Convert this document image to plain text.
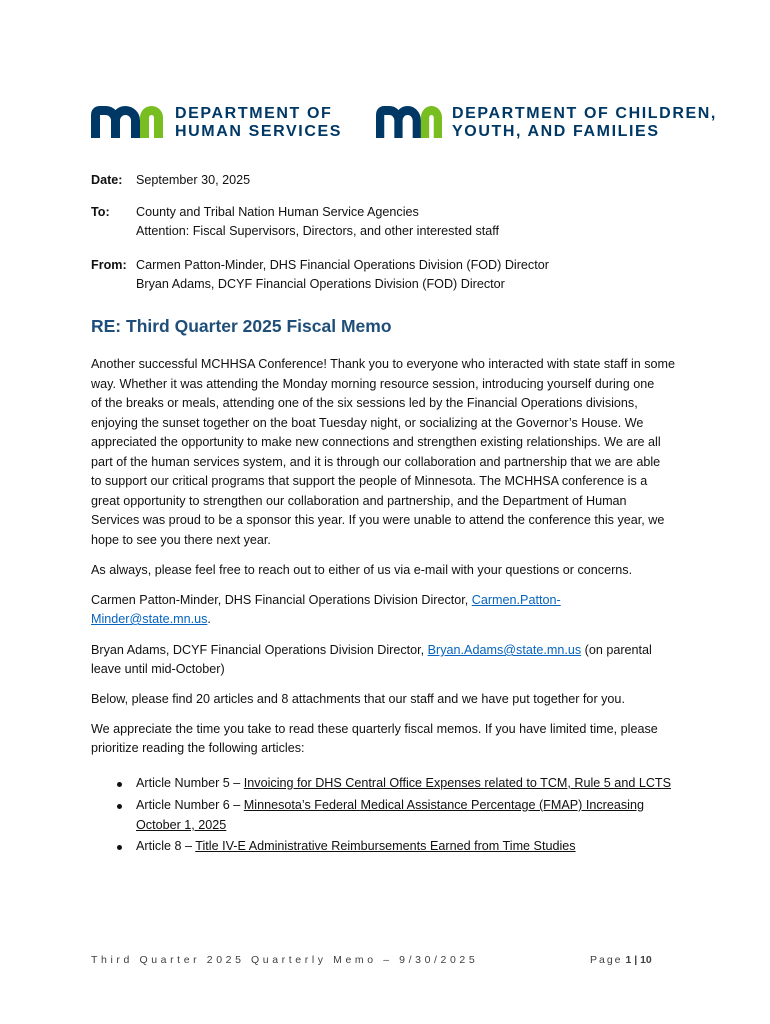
DEPARTMENT OF
HUMAN SERVICES
DEPARTMENT OF CHILDREN,
YOUTH, AND FAMILIES
Date: September 30, 2025
To: County and Tribal Nation Human Service Agencies
Attention: Fiscal Supervisors, Directors, and other interested staff
From: Carmen Patton-Minder, DHS Financial Operations Division (FOD) Director
Bryan Adams, DCYF Financial Operations Division (FOD) Director
RE: Third Quarter 2025 Fiscal Memo
Another successful MCHHSA Conference! Thank you to everyone who interacted with state staff in some
way. Whether it was attending the Monday morning resource session, introducing yourself during one
of the breaks or meals, attending one of the six sessions led by the Financial Operations divisions,
enjoying the sunset together on the boat Tuesday night, or socializing at the Governor’s House. We
appreciated the opportunity to make new connections and strengthen existing relationships. We are all
part of the human services system, and it is through our collaboration and partnership that we are able
to support our critical programs that support the people of Minnesota. The MCHHSA conference is a
great opportunity to strengthen our collaboration and partnership, and the Department of Human
Services was proud to be a sponsor this year. If you were unable to attend the conference this year, we
hope to see you there next year.
As always, please feel free to reach out to either of us via e-mail with your questions or concerns.
Carmen Patton-Minder, DHS Financial Operations Division Director, Carmen.Patton-
Minder@state.mn.us.
Bryan Adams, DCYF Financial Operations Division Director, Bryan.Adams@state.mn.us (on parental
leave until mid-October)
Below, please find 20 articles and 8 attachments that our staff and we have put together for you.
We appreciate the time you take to read these quarterly fiscal memos. If you have limited time, please
prioritize reading the following articles:
Article Number 5 – Invoicing for DHS Central Office Expenses related to TCM, Rule 5 and LCTS
Article Number 6 – Minnesota’s Federal Medical Assistance Percentage (FMAP) Increasing
October 1, 2025
Article 8 – Title IV-E Administrative Reimbursements Earned from Time Studies
Third Quarter 2025 Quarterly Memo – 9/30/2025	Page 1 | 10
